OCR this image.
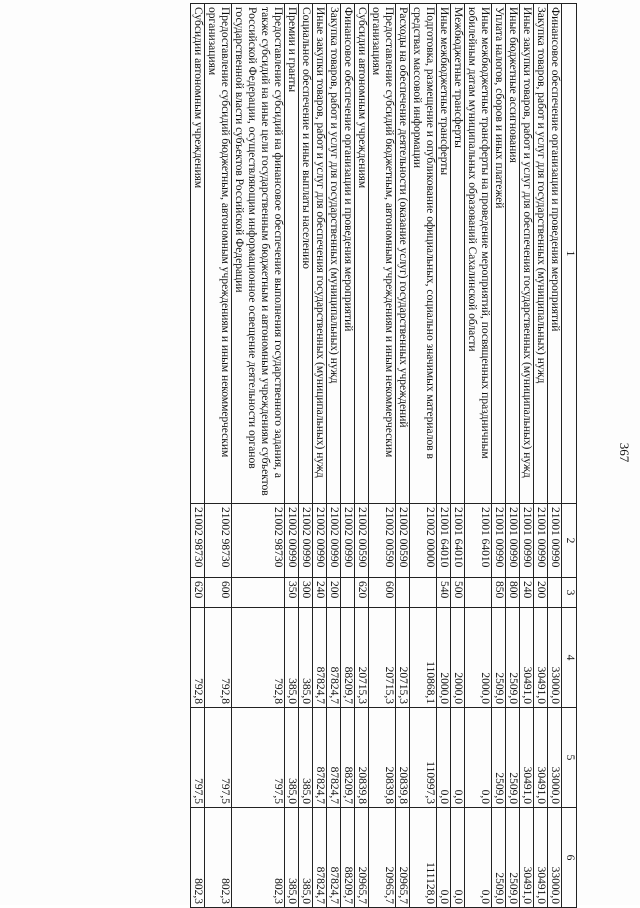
367
1	2	3	4	5	6
Финансовое обеспечение организации и проведения мероприятий	21001 00990		33000,0	33000,0	33000,0
Закупка товаров, работ и услуг для государственных (муниципальных) нужд	21001 00990	200	30491,0	30491,0	30491,0
Иные закупки товаров, работ и услуг для обеспечения государственных (муниципальных) нужд	21001 00990	240	30491,0	30491,0	30491,0
Иные бюджетные ассигнования	21001 00990	800	2509,0	2509,0	2509,0
Уплата налогов, сборов и иных платежей	21001 00990	850	2509,0	2509,0	2509,0
Иные межбюджетные трансферты на проведение мероприятий, посвященных праздничным юбилейным датам муниципальных образований Сахалинской области	21001 64010		2000,0	0,0	0,0
Межбюджетные трансферты	21001 64010	500	2000,0	0,0	0,0
Иные межбюджетные трансферты	21001 64010	540	2000,0	0,0	0,0
Подготовка, размещение и опубликование официальных, социально значимых материалов в средствах массовой информации	21002 00000		110868,1	110997,3	111128,0
Расходы на обеспечение деятельности (оказание услуг) государственных учреждений	21002 00590		20715,3	20839,8	20965,7
Предоставление субсидий бюджетным, автономным учреждениям и иным некоммерческим организациям	21002 00590	600	20715,3	20839,8	20965,7
Субсидии автономным учреждениям	21002 00590	620	20715,3	20839,8	20965,7
Финансовое обеспечение организации и проведения мероприятий	21002 00990		88209,7	88209,7	88209,7
Закупка товаров, работ и услуг для государственных (муниципальных) нужд	21002 00990	200	87824,7	87824,7	87824,7
Иные закупки товаров, работ и услуг для обеспечения государственных (муниципальных) нужд	21002 00990	240	87824,7	87824,7	87824,7
Социальное обеспечение и иные выплаты населению	21002 00990	300	385,0	385,0	385,0
Премии и гранты	21002 00990	350	385,0	385,0	385,0
Предоставление субсидий на финансовое обеспечение выполнения государственного задания, а также субсидий на иные цели государственным бюджетным и автономным учреждениям субъектов Российской Федерации, осуществляющим информационное освещение деятельности органов государственной власти субъектов Российской Федерации	21002 98730		792,8	797,5	802,3
Предоставление субсидий бюджетным, автономным учреждениям и иным некоммерческим организациям	21002 98730	600	792,8	797,5	802,3
Субсидии автономным учреждениям	21002 98730	620	792,8	797,5	802,3
